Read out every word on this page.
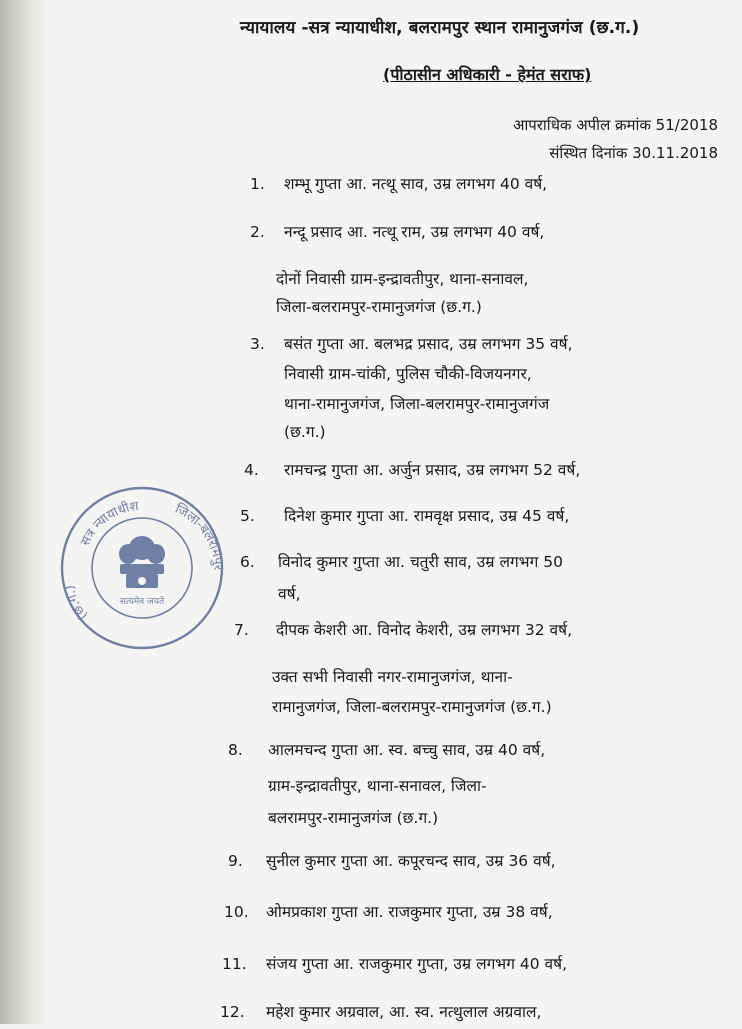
न्यायालय -सत्र न्यायाधीश, बलरामपुर स्थान रामानुजगंज (छ.ग.)
(पीठासीन अधिकारी - हेमंत सराफ)
आपराधिक अपील क्रमांक 51/2018
संस्थित दिनांक 30.11.2018
1. शम्भू गुप्ता आ. नत्थू साव, उम्र लगभग 40 वर्ष,
2. नन्दू प्रसाद आ. नत्थू राम, उम्र लगभग 40 वर्ष,
दोनों निवासी ग्राम-इन्द्रावतीपुर, थाना-सनावल,
जिला-बलरामपुर-रामानुजगंज (छ.ग.)
3. बसंत गुप्ता आ. बलभद्र प्रसाद, उम्र लगभग 35 वर्ष,
निवासी ग्राम-चांकी, पुलिस चौकी-विजयनगर,
थाना-रामानुजगंज, जिला-बलरामपुर-रामानुजगंज
(छ.ग.)
4. रामचन्द्र गुप्ता आ. अर्जुन प्रसाद, उम्र लगभग 52 वर्ष,
5. दिनेश कुमार गुप्ता आ. रामवृक्ष प्रसाद, उम्र 45 वर्ष,
6. विनोद कुमार गुप्ता आ. चतुरी साव, उम्र लगभग 50
वर्ष,
7. दीपक केशरी आ. विनोद केशरी, उम्र लगभग 32 वर्ष,
उक्त सभी निवासी नगर-रामानुजगंज, थाना-
रामानुजगंज, जिला-बलरामपुर-रामानुजगंज (छ.ग.)
8. आलमचन्द गुप्ता आ. स्व. बच्चु साव, उम्र 40 वर्ष,
ग्राम-इन्द्रावतीपुर, थाना-सनावल, जिला-
बलरामपुर-रामानुजगंज (छ.ग.)
9. सुनील कुमार गुप्ता आ. कपूरचन्द साव, उम्र 36 वर्ष,
10. ओमप्रकाश गुप्ता आ. राजकुमार गुप्ता, उम्र 38 वर्ष,
11. संजय गुप्ता आ. राजकुमार गुप्ता, उम्र लगभग 40 वर्ष,
12. महेश कुमार अग्रवाल, आ. स्व. नत्थुलाल अग्रवाल,
सत्र न्यायाधीश	जिला-बलरामपुर
(छ.ग.)
सत्यमेव जयते
